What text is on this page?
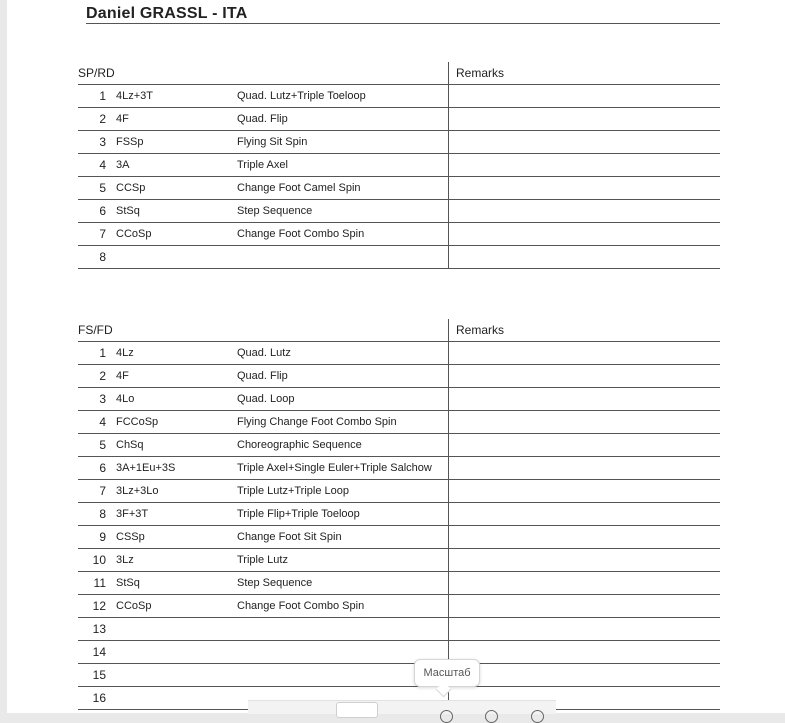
Daniel GRASSL - ITA
SP/RD	Remarks
1 4Lz+3T	Quad. Lutz+Triple Toeloop
2 4F	Quad. Flip
3 FSSp	Flying Sit Spin
4 3A	Triple Axel
5 CCSp	Change Foot Camel Spin
6 StSq	Step Sequence
7 CCoSp	Change Foot Combo Spin
8
FS/FD	Remarks
1 4Lz	Quad. Lutz
2 4F	Quad. Flip
3 4Lo	Quad. Loop
4 FCCoSp	Flying Change Foot Combo Spin
5 ChSq	Choreographic Sequence
6 3A+1Eu+3S	Triple Axel+Single Euler+Triple Salchow
7 3Lz+3Lo	Triple Lutz+Triple Loop
8 3F+3T	Triple Flip+Triple Toeloop
9 CSSp	Change Foot Sit Spin
10 3Lz	Triple Lutz
11 StSq	Step Sequence
12 CCoSp	Change Foot Combo Spin
13
14
15
16
Масштаб
